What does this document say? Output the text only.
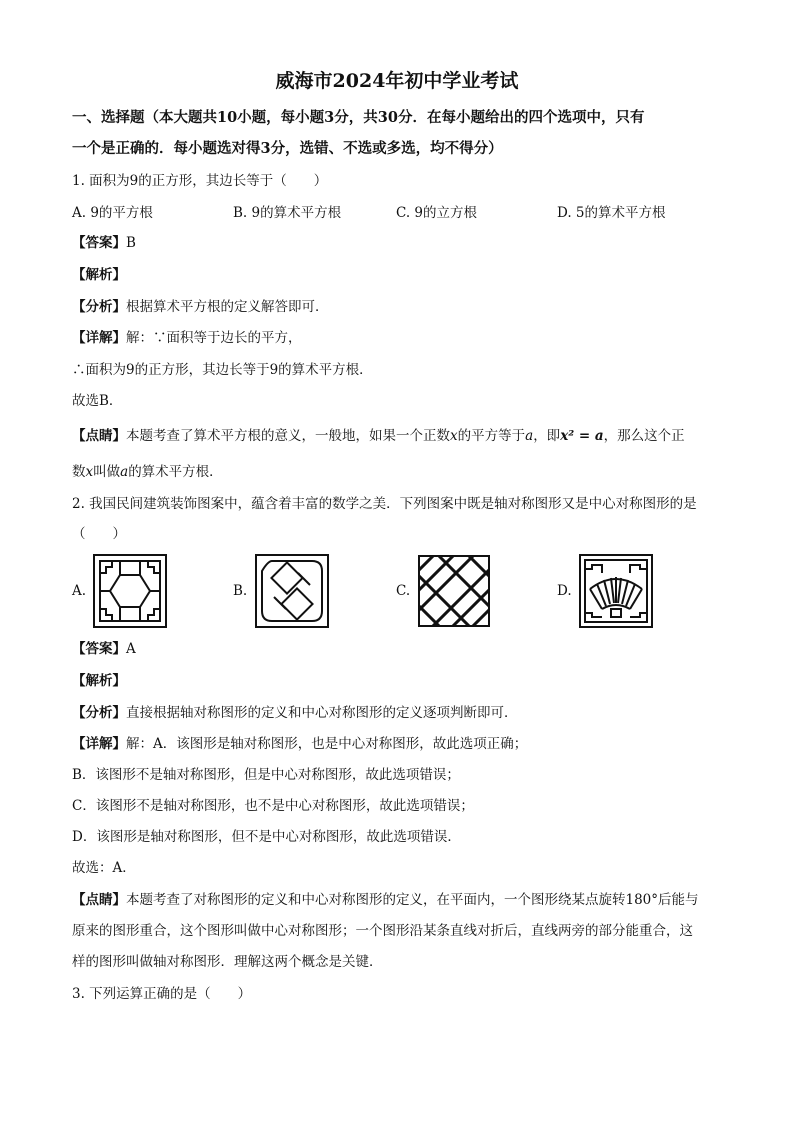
威海市2024年初中学业考试
一、选择题（本大题共10小题，每小题3分，共30分．在每小题给出的四个选项中，只有
一个是正确的．每小题选对得3分，选错、不选或多选，均不得分）
1. 面积为9的正方形，其边长等于（　　）
A. 9的平方根	B. 9的算术平方根	C. 9的立方根	D. 5的算术平方根
【答案】B
【解析】
【分析】根据算术平方根的定义解答即可．
【详解】解：∵面积等于边长的平方，
∴面积为9的正方形，其边长等于9的算术平方根．
故选B．
【点睛】本题考查了算术平方根的意义，一般地，如果一个正数x的平方等于a，即x² = a，那么这个正
数x叫做a的算术平方根．
2. 我国民间建筑装饰图案中，蕴含着丰富的数学之美．下列图案中既是轴对称图形又是中心对称图形的是
（　　）
A.	B.	C.	D.
【答案】A
【解析】
【分析】直接根据轴对称图形的定义和中心对称图形的定义逐项判断即可．
【详解】解：A．该图形是轴对称图形，也是中心对称图形，故此选项正确；
B．该图形不是轴对称图形，但是中心对称图形，故此选项错误；
C．该图形不是轴对称图形，也不是中心对称图形，故此选项错误；
D．该图形是轴对称图形，但不是中心对称图形，故此选项错误．
故选：A．
【点睛】本题考查了对称图形的定义和中心对称图形的定义，在平面内，一个图形绕某点旋转180°后能与
原来的图形重合，这个图形叫做中心对称图形；一个图形沿某条直线对折后，直线两旁的部分能重合，这
样的图形叫做轴对称图形．理解这两个概念是关键．
3. 下列运算正确的是（　　）
